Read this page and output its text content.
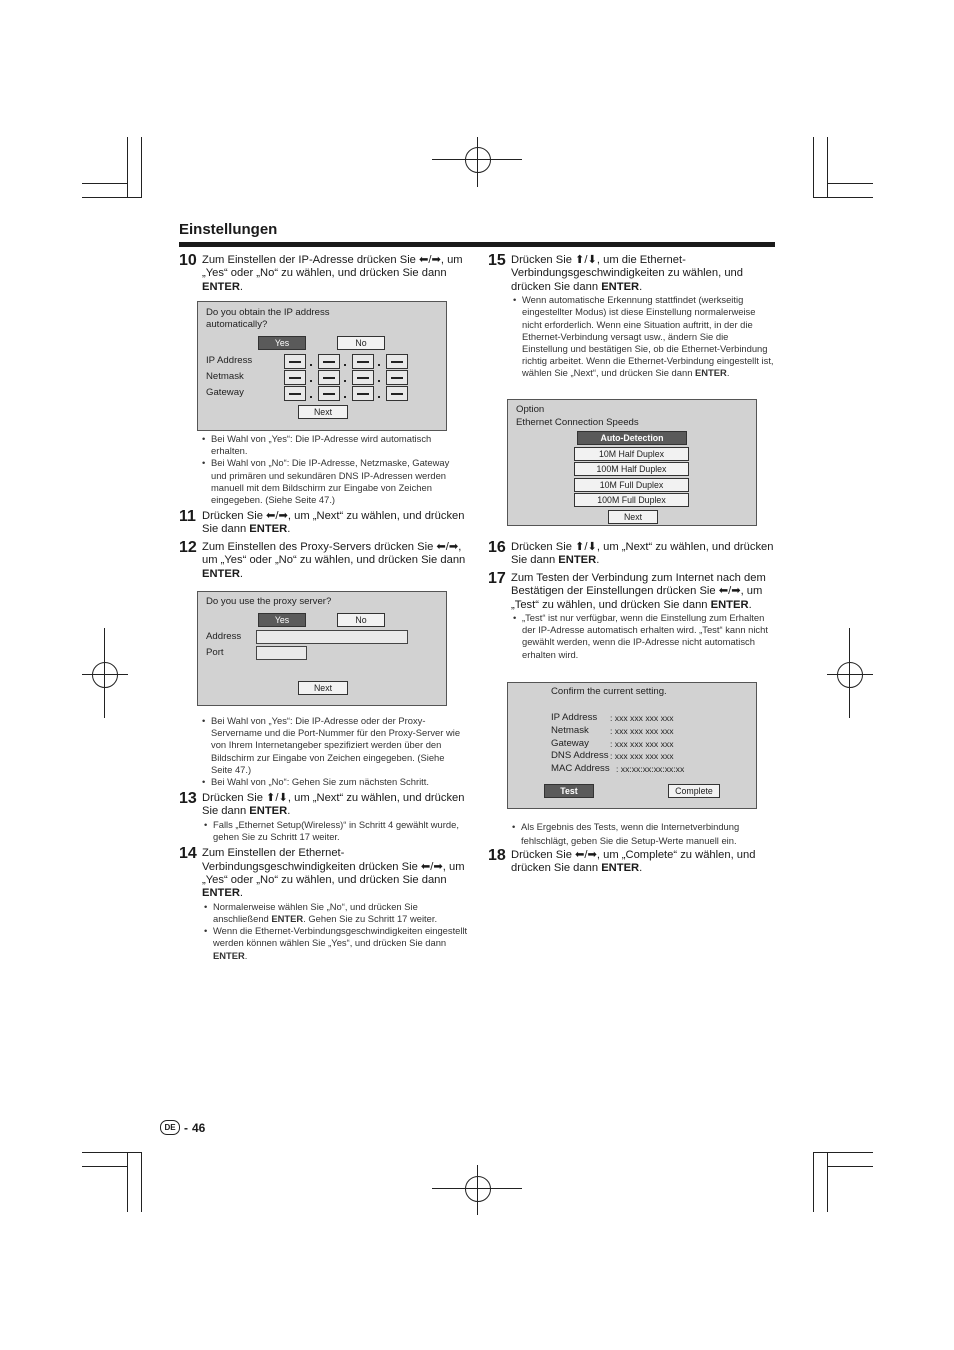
Einstellungen
10 Zum Einstellen der IP-Adresse drücken Sie ⬅/➡, um „Yes“ oder „No“ zu wählen, und drücken Sie dann ENTER.
Do you obtain the IP address automatically?
Yes	No
IP Address
Netmask
Gateway
Next
• Bei Wahl von „Yes“: Die IP-Adresse wird automatisch erhalten.
• Bei Wahl von „No“: Die IP-Adresse, Netzmaske, Gateway und primären und sekundären DNS IP-Adressen werden manuell mit dem Bildschirm zur Eingabe von Zeichen eingegeben. (Siehe Seite 47.)
11 Drücken Sie ⬅/➡, um „Next“ zu wählen, und drücken Sie dann ENTER.
12 Zum Einstellen des Proxy-Servers drücken Sie ⬅/➡, um „Yes“ oder „No“ zu wählen, und drücken Sie dann ENTER.
Do you use the proxy server?
Yes	No
Address
Port
Next
• Bei Wahl von „Yes“: Die IP-Adresse oder der Proxy-Servername und die Port-Nummer für den Proxy-Server wie von Ihrem Internetangeber spezifiziert werden über den Bildschirm zur Eingabe von Zeichen eingegeben. (Siehe Seite 47.)
• Bei Wahl von „No“: Gehen Sie zum nächsten Schritt.
13 Drücken Sie ⬆/⬇, um „Next“ zu wählen, und drücken Sie dann ENTER.
• Falls „Ethernet Setup(Wireless)“ in Schritt 4 gewählt wurde, gehen Sie zu Schritt 17 weiter.
14 Zum Einstellen der Ethernet-Verbindungsgeschwindigkeiten drücken Sie ⬅/➡, um „Yes“ oder „No“ zu wählen, und drücken Sie dann ENTER.
• Normalerweise wählen Sie „No“, und drücken Sie anschließend ENTER. Gehen Sie zu Schritt 17 weiter.
• Wenn die Ethernet-Verbindungsgeschwindigkeiten eingestellt werden können wählen Sie „Yes“, und drücken Sie dann ENTER.
15 Drücken Sie ⬆/⬇, um die Ethernet-Verbindungsgeschwindigkeiten zu wählen, und drücken Sie dann ENTER.
• Wenn automatische Erkennung stattfindet (werkseitig eingestellter Modus) ist diese Einstellung normalerweise nicht erforderlich. Wenn eine Situation auftritt, in der die Ethernet-Verbindung versagt usw., ändern Sie die Einstellung und bestätigen Sie, ob die Ethernet-Verbindung richtig arbeitet. Wenn die Ethernet-Verbindung eingestellt ist, wählen Sie „Next“, und drücken Sie dann ENTER.
Option
Ethernet Connection Speeds
Auto-Detection
10M Half Duplex
100M Half Duplex
10M Full Duplex
100M Full Duplex
Next
16 Drücken Sie ⬆/⬇, um „Next“ zu wählen, und drücken Sie dann ENTER.
17 Zum Testen der Verbindung zum Internet nach dem Bestätigen der Einstellungen drücken Sie ⬅/➡, um „Test“ zu wählen, und drücken Sie dann ENTER.
• „Test“ ist nur verfügbar, wenn die Einstellung zum Erhalten der IP-Adresse automatisch erhalten wird. „Test“ kann nicht gewählt werden, wenn die IP-Adresse nicht automatisch erhalten wird.
Confirm the current setting.
IP Address : xxx xxx xxx xxx
Netmask : xxx xxx xxx xxx
Gateway : xxx xxx xxx xxx
DNS Address : xxx xxx xxx xxx
MAC Address : xx:xx:xx:xx:xx:xx
Test	Complete
• Als Ergebnis des Tests, wenn die Internetverbindung fehlschlägt, geben Sie die Setup-Werte manuell ein.
18 Drücken Sie ⬅/➡, um „Complete“ zu wählen, und drücken Sie dann ENTER.
DE - 46
